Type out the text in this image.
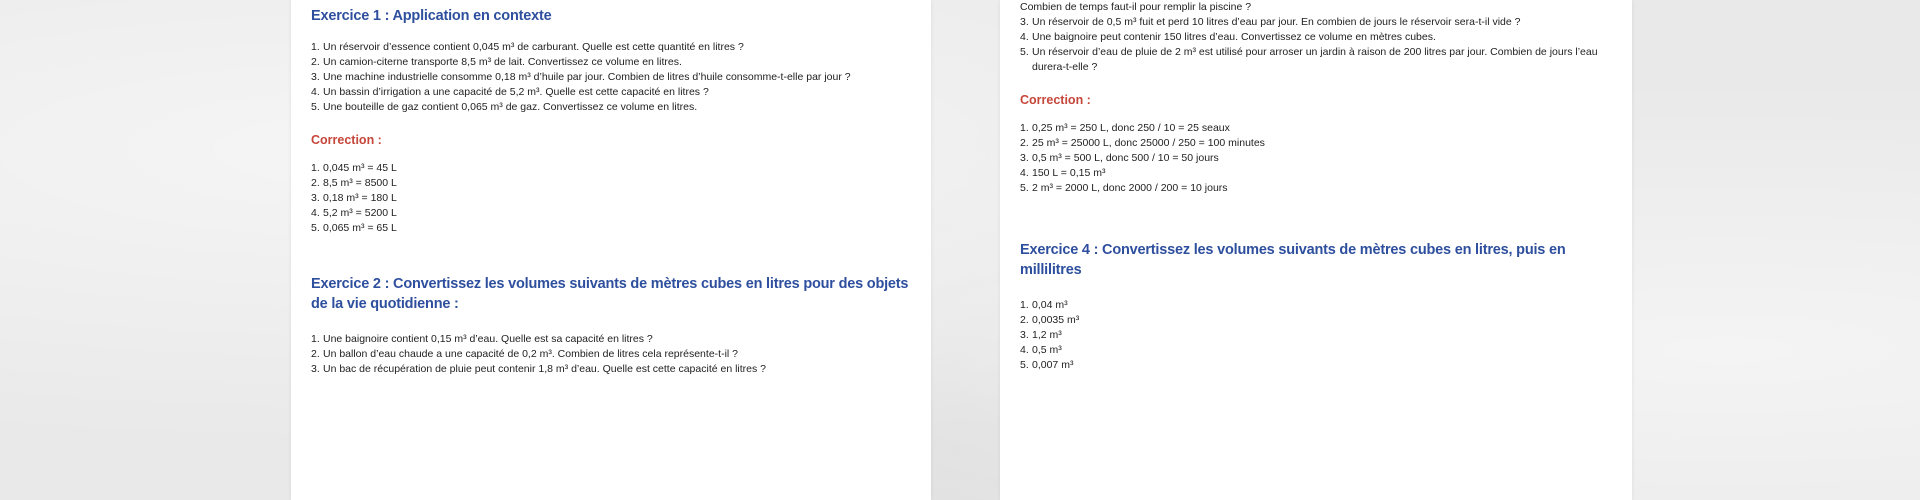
Exercice 1 : Application en contexte
1. Un réservoir d’essence contient 0,045 m³ de carburant. Quelle est cette quantité en litres ?
2. Un camion-citerne transporte 8,5 m³ de lait. Convertissez ce volume en litres.
3. Une machine industrielle consomme 0,18 m³ d’huile par jour. Combien de litres d’huile consomme-t-elle par jour ?
4. Un bassin d’irrigation a une capacité de 5,2 m³. Quelle est cette capacité en litres ?
5. Une bouteille de gaz contient 0,065 m³ de gaz. Convertissez ce volume en litres.
Correction :
1. 0,045 m³ = 45 L
2. 8,5 m³ = 8500 L
3. 0,18 m³ = 180 L
4. 5,2 m³ = 5200 L
5. 0,065 m³ = 65 L
Exercice 2 : Convertissez les volumes suivants de mètres cubes en litres pour des objets de la vie quotidienne :
1. Une baignoire contient 0,15 m³ d’eau. Quelle est sa capacité en litres ?
2. Un ballon d’eau chaude a une capacité de 0,2 m³. Combien de litres cela représente-t-il ?
3. Un bac de récupération de pluie peut contenir 1,8 m³ d’eau. Quelle est cette capacité en litres ?
Combien de temps faut-il pour remplir la piscine ?
3. Un réservoir de 0,5 m³ fuit et perd 10 litres d’eau par jour. En combien de jours le réservoir sera-t-il vide ?
4. Une baignoire peut contenir 150 litres d’eau. Convertissez ce volume en mètres cubes.
5. Un réservoir d’eau de pluie de 2 m³ est utilisé pour arroser un jardin à raison de 200 litres par jour. Combien de jours l’eau durera-t-elle ?
Correction :
1. 0,25 m³ = 250 L, donc 250 / 10 = 25 seaux
2. 25 m³ = 25000 L, donc 25000 / 250 = 100 minutes
3. 0,5 m³ = 500 L, donc 500 / 10 = 50 jours
4. 150 L = 0,15 m³
5. 2 m³ = 2000 L, donc 2000 / 200 = 10 jours
Exercice 4 : Convertissez les volumes suivants de mètres cubes en litres, puis en millilitres
1. 0,04 m³
2. 0,0035 m³
3. 1,2 m³
4. 0,5 m³
5. 0,007 m³
